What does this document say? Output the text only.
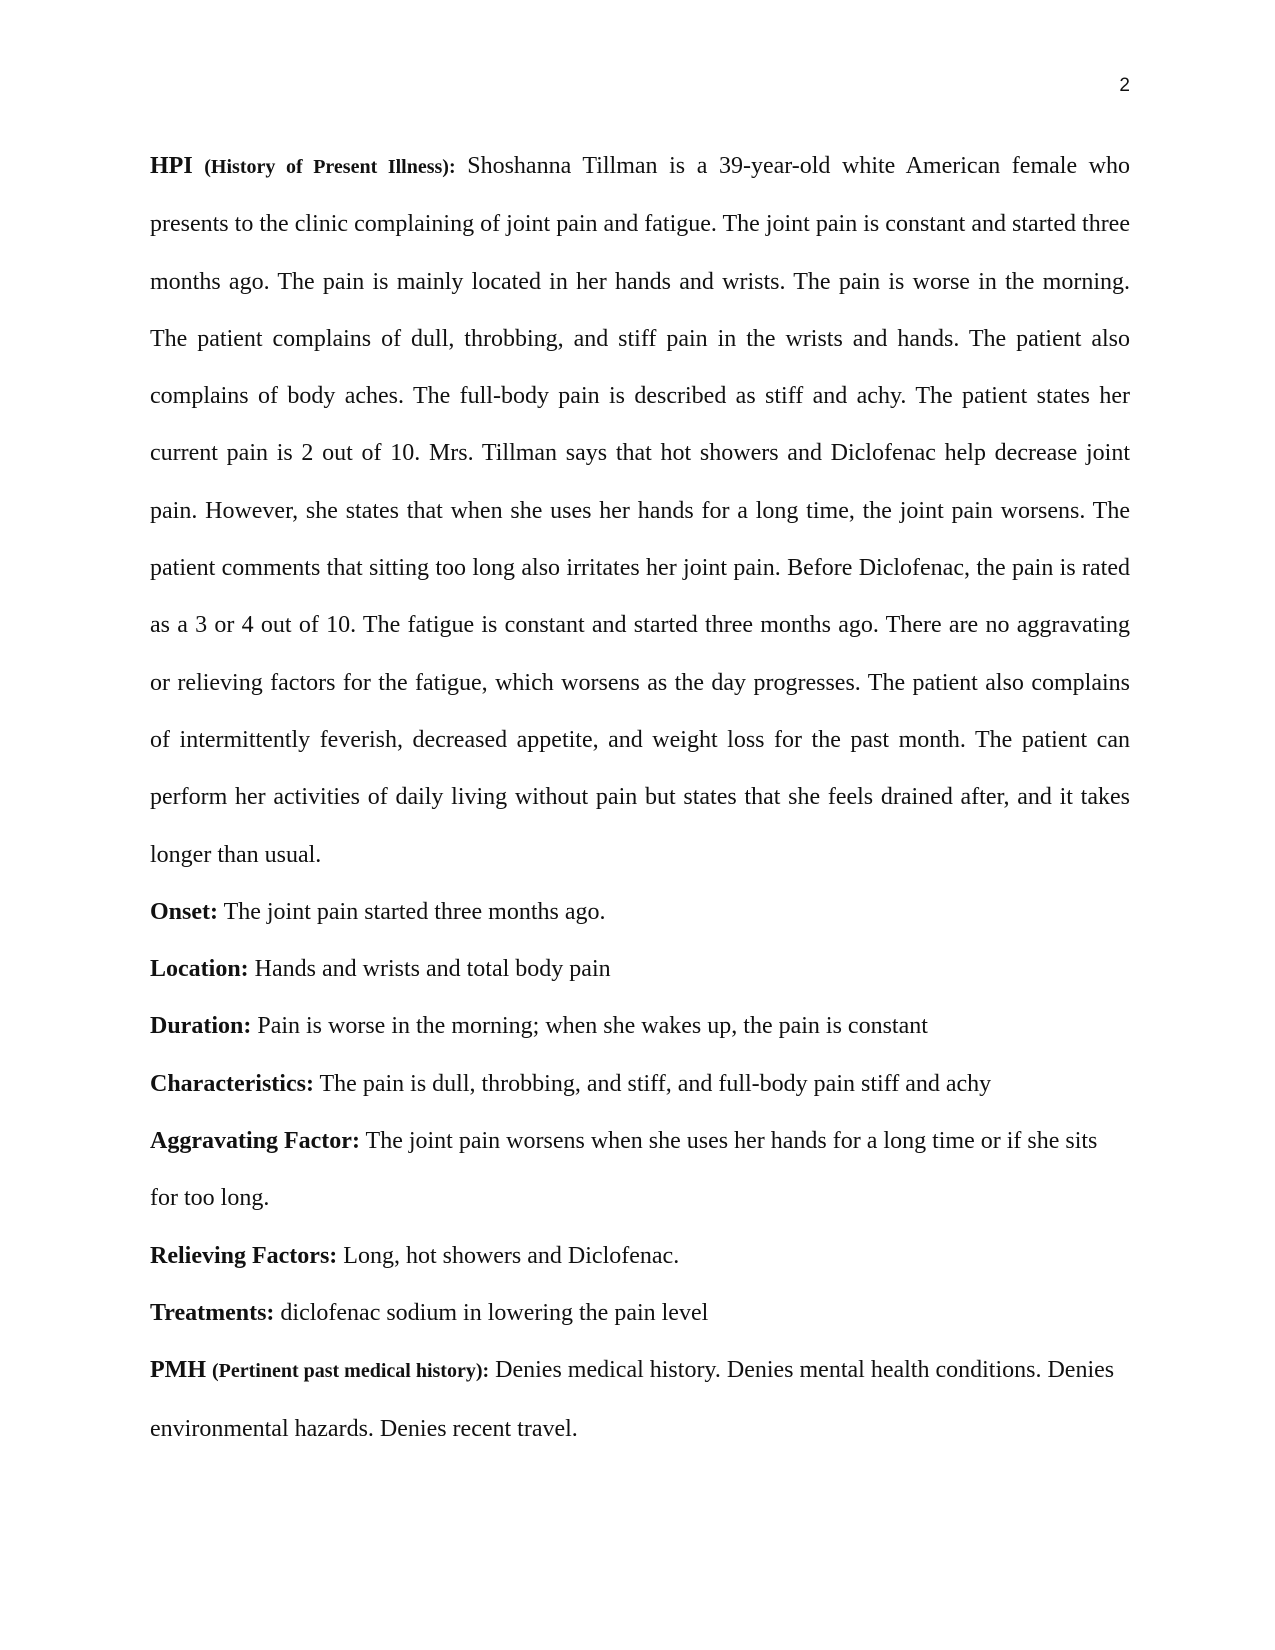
2

HPI (History of Present Illness): Shoshanna Tillman is a 39-year-old white American female who presents to the clinic complaining of joint pain and fatigue. The joint pain is constant and started three months ago. The pain is mainly located in her hands and wrists. The pain is worse in the morning. The patient complains of dull, throbbing, and stiff pain in the wrists and hands. The patient also complains of body aches. The full-body pain is described as stiff and achy. The patient states her current pain is 2 out of 10. Mrs. Tillman says that hot showers and Diclofenac help decrease joint pain. However, she states that when she uses her hands for a long time, the joint pain worsens. The patient comments that sitting too long also irritates her joint pain. Before Diclofenac, the pain is rated as a 3 or 4 out of 10. The fatigue is constant and started three months ago. There are no aggravating or relieving factors for the fatigue, which worsens as the day progresses. The patient also complains of intermittently feverish, decreased appetite, and weight loss for the past month. The patient can perform her activities of daily living without pain but states that she feels drained after, and it takes longer than usual.

Onset: The joint pain started three months ago.

Location: Hands and wrists and total body pain

Duration: Pain is worse in the morning; when she wakes up, the pain is constant

Characteristics: The pain is dull, throbbing, and stiff, and full-body pain stiff and achy

Aggravating Factor: The joint pain worsens when she uses her hands for a long time or if she sits for too long.

Relieving Factors: Long, hot showers and Diclofenac.

Treatments: diclofenac sodium in lowering the pain level

PMH (Pertinent past medical history): Denies medical history. Denies mental health conditions. Denies environmental hazards. Denies recent travel.
